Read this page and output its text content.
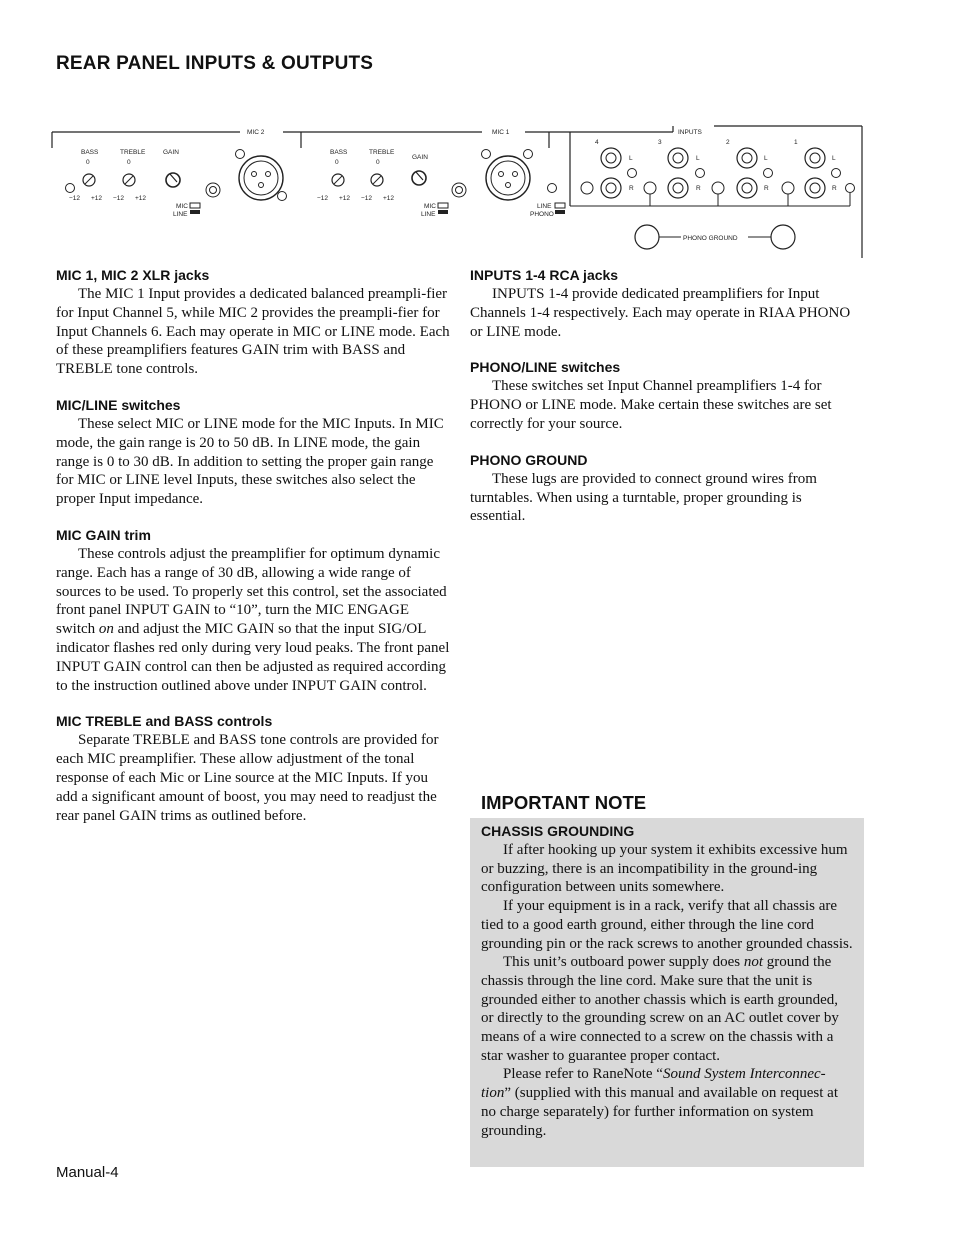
REAR PANEL INPUTS & OUTPUTS
MIC 2	MIC 1	INPUTS
BASS
0
TREBLE
0
GAIN
−12 +12 −12 +12
MIC
LINE
BASS
0
TREBLE
0
GAIN
−12 +12 −12 +12
MIC
LINE
4	3	2	1
L
R
L
R
L
R
L
R
LINE
PHONO
PHONO GROUND
MIC 1, MIC 2 XLR jacks

The MIC 1 Input provides a dedicated balanced preampli-fier for Input Channel 5, while MIC 2 provides the preampli-fier for Input Channels 6. Each may operate in MIC or LINE mode. Each of these preamplifiers features GAIN trim with BASS and TREBLE tone controls.

MIC/LINE switches

These select MIC or LINE mode for the MIC Inputs. In MIC mode, the gain range is 20 to 50 dB. In LINE mode, the gain range is 0 to 30 dB. In addition to setting the proper gain range for MIC or LINE level Inputs, these switches also select the proper Input impedance.

MIC GAIN trim

These controls adjust the preamplifier for optimum dynamic range. Each has a range of 30 dB, allowing a wide range of sources to be used. To properly set this control, set the associated front panel INPUT GAIN to “10”, turn the MIC ENGAGE switch on and adjust the MIC GAIN so that the input SIG/OL indicator flashes red only during very loud peaks. The front panel INPUT GAIN control can then be adjusted as required according to the instruction outlined above under INPUT GAIN control.

MIC TREBLE and BASS controls

Separate TREBLE and BASS tone controls are provided for each MIC preamplifier. These allow adjustment of the tonal response of each Mic or Line source at the MIC Inputs. If you add a significant amount of boost, you may need to readjust the rear panel GAIN trims as outlined before.

INPUTS 1-4 RCA jacks

INPUTS 1-4 provide dedicated preamplifiers for Input Channels 1-4 respectively. Each may operate in RIAA PHONO or LINE mode.

PHONO/LINE switches

These switches set Input Channel preamplifiers 1-4 for PHONO or LINE mode. Make certain these switches are set correctly for your source.

PHONO GROUND

These lugs are provided to connect ground wires from turntables. When using a turntable, proper grounding is essential.

IMPORTANT NOTE
CHASSIS GROUNDING

If after hooking up your system it exhibits excessive hum or buzzing, there is an incompatibility in the ground-ing configuration between units somewhere.

If your equipment is in a rack, verify that all chassis are tied to a good earth ground, either through the line cord grounding pin or the rack screws to another grounded chassis.

This unit’s outboard power supply does not ground the chassis through the line cord. Make sure that the unit is grounded either to another chassis which is earth grounded, or directly to the grounding screw on an AC outlet cover by means of a wire connected to a screw on the chassis with a star washer to guarantee proper contact.

Please refer to RaneNote “Sound System Interconnec-tion” (supplied with this manual and available on request at no charge separately) for further information on system grounding.

Manual-4
